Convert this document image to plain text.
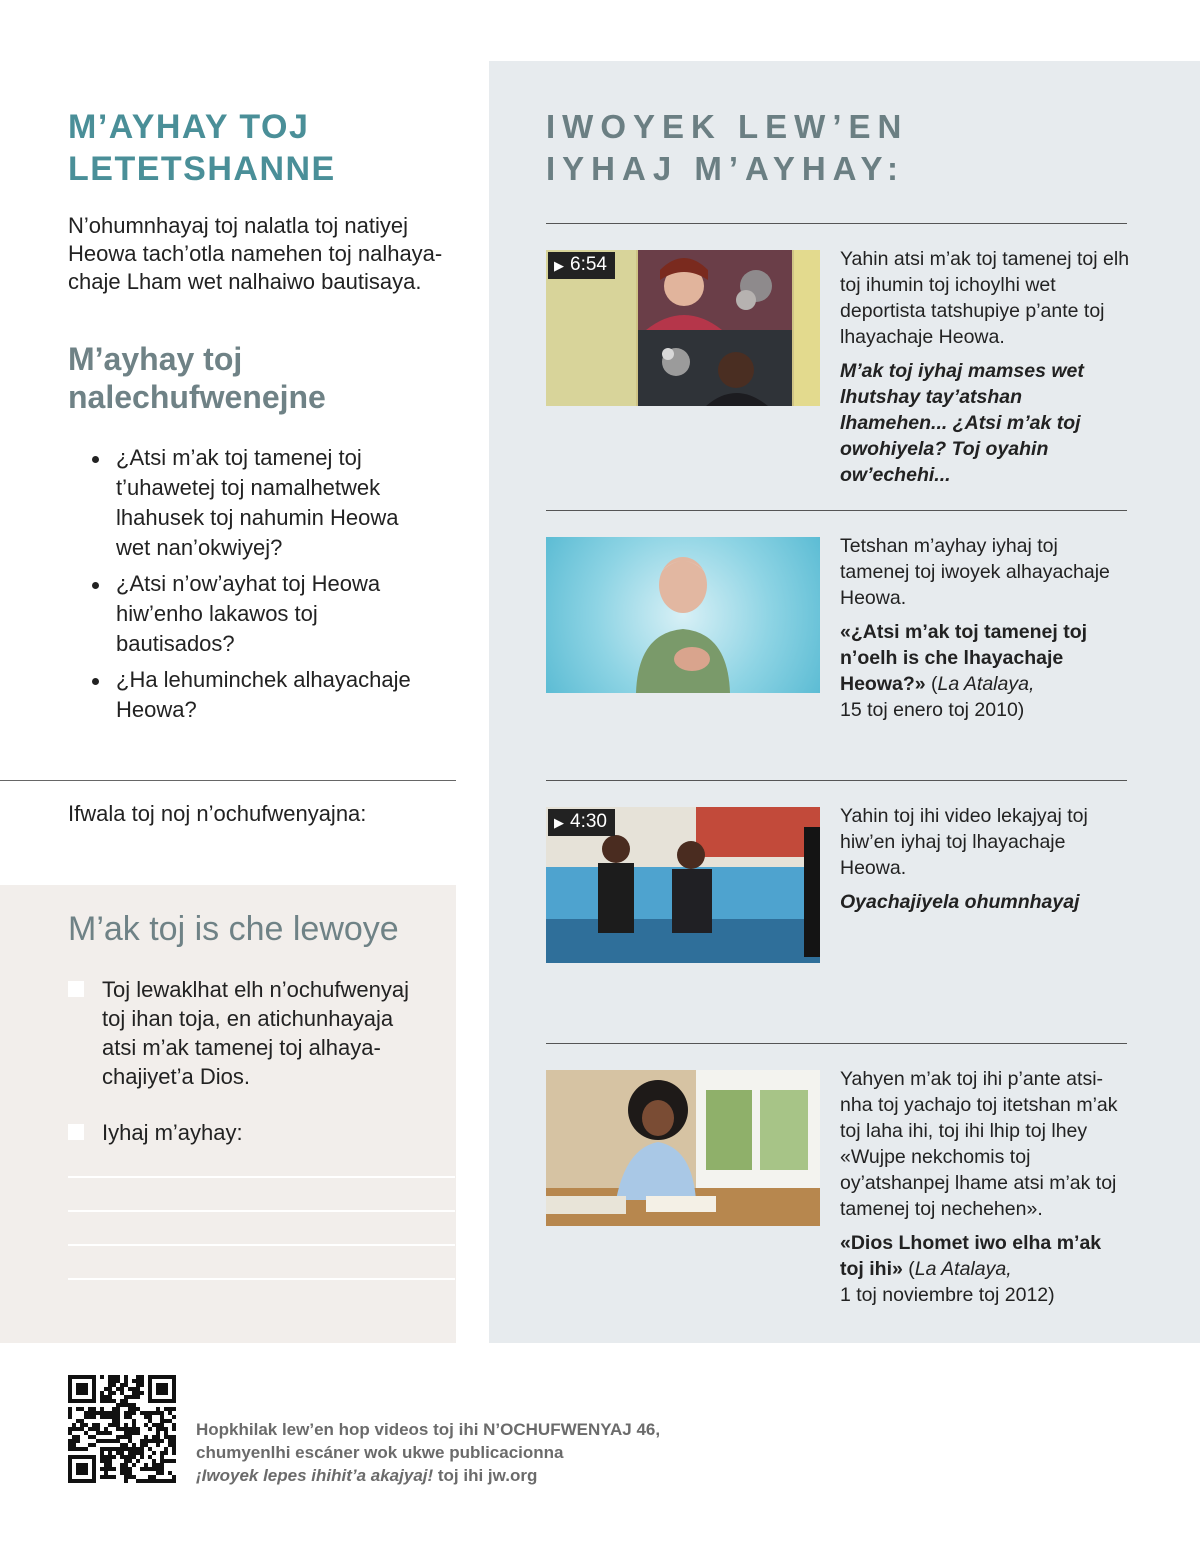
M’AYHAY TOJ
LETETSHANNE
N’ohumnhayaj toj nalatla toj natiyej Heowa tach’otla namehen toj nalhaya-chaje Lham wet nalhaiwo bautisaya.
M’ayhay toj
nalechufwenejne
¿Atsi m’ak toj tamenej toj t’uhawetej toj namalhetwek lhahusek toj nahumin Heowa wet nan’okwiyej?
¿Atsi n’ow’ayhat toj Heowa hiw’enho lakawos toj bautisados?
¿Ha lehuminchek alhayachaje Heowa?
Ifwala toj noj n’ochufwenyajna:
M’ak toj is che lewoye
Toj lewaklhat elh n’ochufwenyaj toj ihan toja, en atichunhayaja atsi m’ak tamenej toj alhaya-chajiyet’a Dios.
Iyhaj m’ayhay:
IWOYEK LEW’EN
IYHAJ M’AYHAY:
▶ 6:54	Yahin atsi m’ak toj tamenej toj elh toj ihumin toj ichoylhi wet deportista tatshupiye p’ante toj lhayachaje Heowa.

M’ak toj iyhaj mamses wet lhutshay tay’atshan lhamehen... ¿Atsi m’ak toj owohiyela? Toj oyahin ow’echehi...

Tetshan m’ayhay iyhaj toj tamenej toj iwoyek alhayachaje Heowa.

«¿Atsi m’ak toj tamenej toj n’oelh is che lhayachaje Heowa?» (La Atalaya,
15 toj enero toj 2010)

▶ 4:30	Yahin toj ihi video lekajyaj toj hiw’en iyhaj toj lhayachaje Heowa.

Oyachajiyela ohumnhayaj

Yahyen m’ak toj ihi p’ante atsi-nha toj yachajo toj itetshan m’ak toj laha ihi, toj ihi lhip toj lhey «Wujpe nekchomis toj oy’atshanpej lhame atsi m’ak toj tamenej toj nechehen».

«Dios Lhomet iwo elha m’ak toj ihi» (La Atalaya,
1 toj noviembre toj 2012)

Hopkhilak lew’en hop videos toj ihi N’OCHUFWENYAJ 46,
chumyenlhi escáner wok ukwe publicacionna
¡Iwoyek lepes ihihit’a akajyaj! toj ihi jw.org
